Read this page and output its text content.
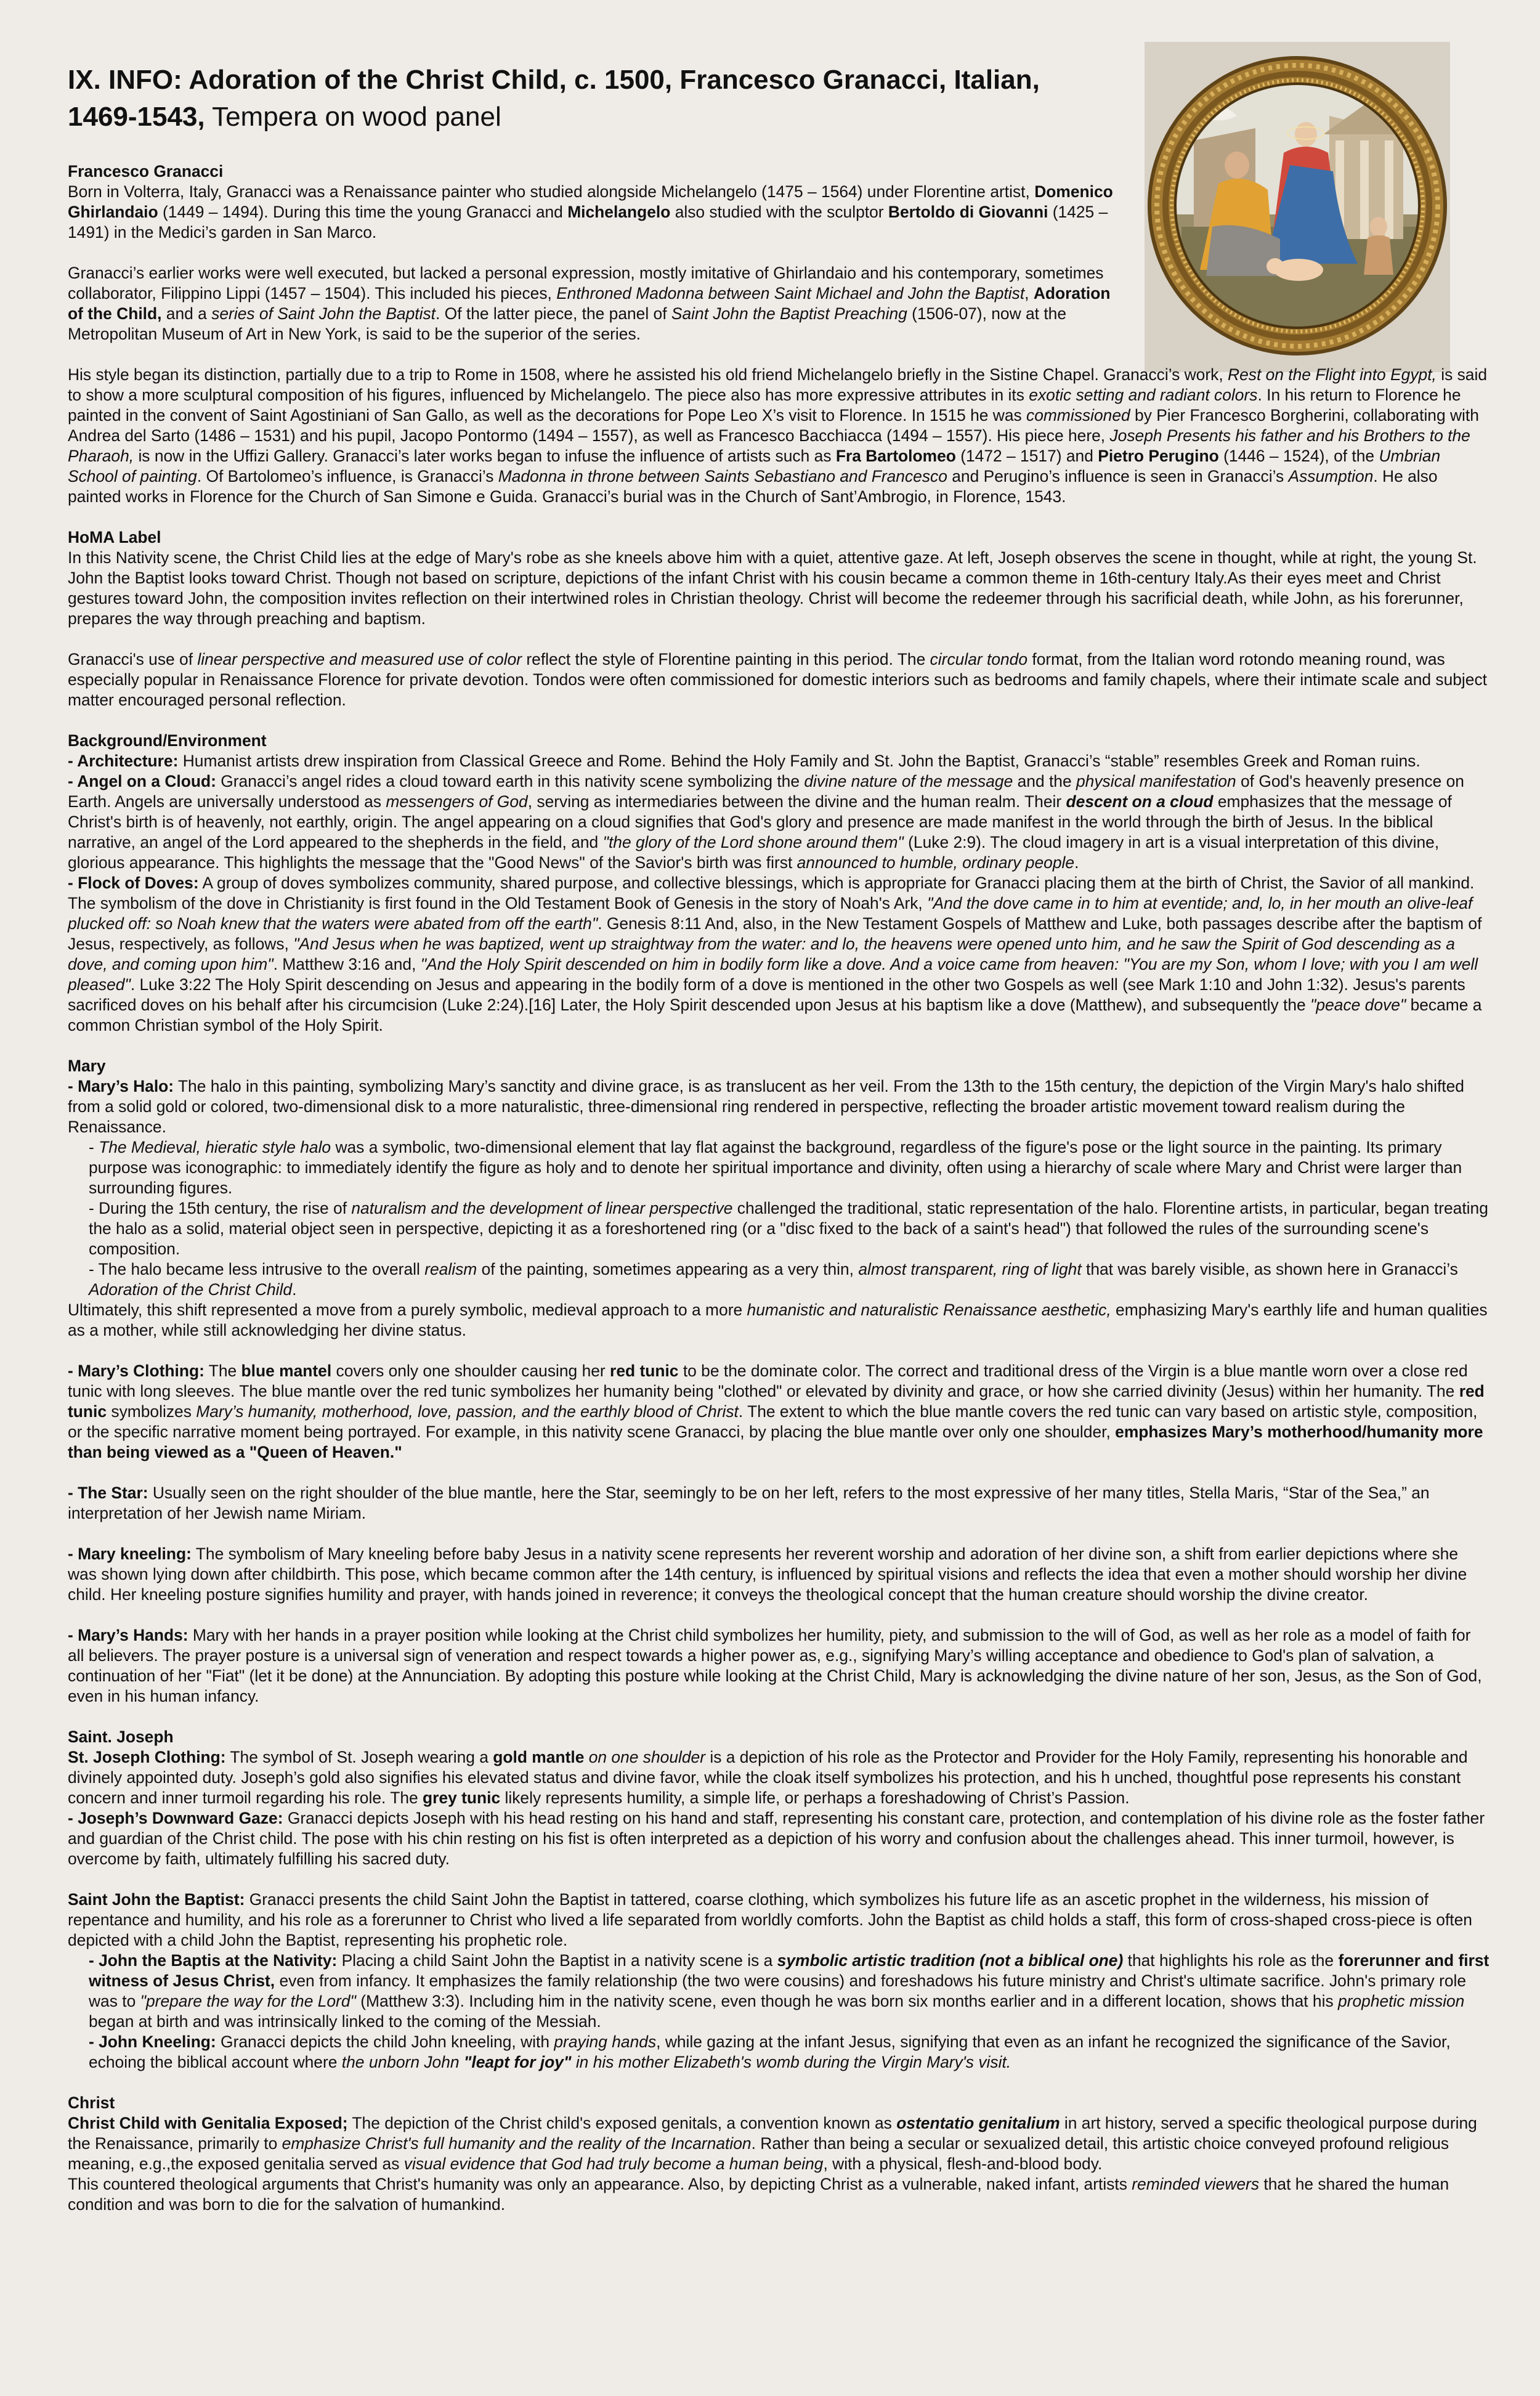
IX. INFO: Adoration of the Christ Child, c. 1500, Francesco Granacci, Italian, 1469-1543, Tempera on wood panel

Francesco Granacci
Born in Volterra, Italy, Granacci was a Renaissance painter who studied alongside Michelangelo (1475 – 1564) under Florentine artist, Domenico Ghirlandaio (1449 – 1494). During this time the young Granacci and Michelangelo also studied with the sculptor Bertoldo di Giovanni (1425 – 1491) in the Medici’s garden in San Marco.

Granacci’s earlier works were well executed, but lacked a personal expression, mostly imitative of Ghirlandaio and his contemporary, sometimes collaborator, Filippino Lippi (1457 – 1504). This included his pieces, Enthroned Madonna between Saint Michael and John the Baptist, Adoration of the Child, and a series of Saint John the Baptist. Of the latter piece, the panel of Saint John the Baptist Preaching (1506-07), now at the Metropolitan Museum of Art in New York, is said to be the superior of the series.

His style began its distinction, partially due to a trip to Rome in 1508, where he assisted his old friend Michelangelo briefly in the Sistine Chapel. Granacci’s work, Rest on the Flight into Egypt, is said to show a more sculptural composition of his figures, influenced by Michelangelo. The piece also has more expressive attributes in its exotic setting and radiant colors. In his return to Florence he painted in the convent of Saint Agostiniani of San Gallo, as well as the decorations for Pope Leo X’s visit to Florence. In 1515 he was commissioned by Pier Francesco Borgherini, collaborating with Andrea del Sarto (1486 – 1531) and his pupil, Jacopo Pontormo (1494 – 1557), as well as Francesco Bacchiacca (1494 – 1557). His piece here, Joseph Presents his father and his Brothers to the Pharaoh, is now in the Uffizi Gallery. Granacci’s later works began to infuse the influence of artists such as Fra Bartolomeo (1472 – 1517) and Pietro Perugino (1446 – 1524), of the Umbrian School of painting. Of Bartolomeo’s influence, is Granacci’s Madonna in throne between Saints Sebastiano and Francesco and Perugino’s influence is seen in Granacci’s Assumption. He also painted works in Florence for the Church of San Simone e Guida. Granacci’s burial was in the Church of Sant’Ambrogio, in Florence, 1543.

HoMA Label
In this Nativity scene, the Christ Child lies at the edge of Mary's robe as she kneels above him with a quiet, attentive gaze. At left, Joseph observes the scene in thought, while at right, the young St. John the Baptist looks toward Christ. Though not based on scripture, depictions of the infant Christ with his cousin became a common theme in 16th-century Italy.As their eyes meet and Christ gestures toward John, the composition invites reflection on their intertwined roles in Christian theology. Christ will become the redeemer through his sacrificial death, while John, as his forerunner, prepares the way through preaching and baptism.

Granacci's use of linear perspective and measured use of color reflect the style of Florentine painting in this period. The circular tondo format, from the Italian word rotondo meaning round, was especially popular in Renaissance Florence for private devotion. Tondos were often commissioned for domestic interiors such as bedrooms and family chapels, where their intimate scale and subject matter encouraged personal reflection.

Background/Environment
- Architecture: Humanist artists drew inspiration from Classical Greece and Rome. Behind the Holy Family and St. John the Baptist, Granacci’s “stable” resembles Greek and Roman ruins.

- Angel on a Cloud: Granacci’s angel rides a cloud toward earth in this nativity scene symbolizing the divine nature of the message and the physical manifestation of God's heavenly presence on Earth. Angels are universally understood as messengers of God, serving as intermediaries between the divine and the human realm. Their descent on a cloud emphasizes that the message of Christ's birth is of heavenly, not earthly, origin. The angel appearing on a cloud signifies that God's glory and presence are made manifest in the world through the birth of Jesus. In the biblical narrative, an angel of the Lord appeared to the shepherds in the field, and "the glory of the Lord shone around them" (Luke 2:9). The cloud imagery in art is a visual interpretation of this divine, glorious appearance. This highlights the message that the "Good News" of the Savior's birth was first announced to humble, ordinary people.

- Flock of Doves: A group of doves symbolizes community, shared purpose, and collective blessings, which is appropriate for Granacci placing them at the birth of Christ, the Savior of all mankind. The symbolism of the dove in Christianity is first found in the Old Testament Book of Genesis in the story of Noah's Ark, "And the dove came in to him at eventide; and, lo, in her mouth an olive-leaf plucked off: so Noah knew that the waters were abated from off the earth". Genesis 8:11 And, also, in the New Testament Gospels of Matthew and Luke, both passages describe after the baptism of Jesus, respectively, as follows, "And Jesus when he was baptized, went up straightway from the water: and lo, the heavens were opened unto him, and he saw the Spirit of God descending as a dove, and coming upon him". Matthew 3:16 and, "And the Holy Spirit descended on him in bodily form like a dove. And a voice came from heaven: "You are my Son, whom I love; with you I am well pleased". Luke 3:22 The Holy Spirit descending on Jesus and appearing in the bodily form of a dove is mentioned in the other two Gospels as well (see Mark 1:10 and John 1:32). Jesus's parents sacrificed doves on his behalf after his circumcision (Luke 2:24).[16] Later, the Holy Spirit descended upon Jesus at his baptism like a dove (Matthew), and subsequently the "peace dove" became a common Christian symbol of the Holy Spirit.

Mary
- Mary’s Halo: The halo in this painting, symbolizing Mary’s sanctity and divine grace, is as translucent as her veil. From the 13th to the 15th century, the depiction of the Virgin Mary's halo shifted from a solid gold or colored, two-dimensional disk to a more naturalistic, three-dimensional ring rendered in perspective, reflecting the broader artistic movement toward realism during the Renaissance.

- The Medieval, hieratic style halo was a symbolic, two-dimensional element that lay flat against the background, regardless of the figure's pose or the light source in the painting. Its primary purpose was iconographic: to immediately identify the figure as holy and to denote her spiritual importance and divinity, often using a hierarchy of scale where Mary and Christ were larger than surrounding figures.

- During the 15th century, the rise of naturalism and the development of linear perspective challenged the traditional, static representation of the halo. Florentine artists, in particular, began treating the halo as a solid, material object seen in perspective, depicting it as a foreshortened ring (or a "disc fixed to the back of a saint's head") that followed the rules of the surrounding scene's composition.

- The halo became less intrusive to the overall realism of the painting, sometimes appearing as a very thin, almost transparent, ring of light that was barely visible, as shown here in Granacci’s Adoration of the Christ Child.

Ultimately, this shift represented a move from a purely symbolic, medieval approach to a more humanistic and naturalistic Renaissance aesthetic, emphasizing Mary's earthly life and human qualities as a mother, while still acknowledging her divine status.

- Mary’s Clothing: The blue mantel covers only one shoulder causing her red tunic to be the dominate color. The correct and traditional dress of the Virgin is a blue mantle worn over a close red tunic with long sleeves. The blue mantle over the red tunic symbolizes her humanity being "clothed" or elevated by divinity and grace, or how she carried divinity (Jesus) within her humanity. The red tunic symbolizes Mary’s humanity, motherhood, love, passion, and the earthly blood of Christ. The extent to which the blue mantle covers the red tunic can vary based on artistic style, composition, or the specific narrative moment being portrayed. For example, in this nativity scene Granacci, by placing the blue mantle over only one shoulder, emphasizes Mary’s motherhood/humanity more than being viewed as a "Queen of Heaven."

- The Star: Usually seen on the right shoulder of the blue mantle, here the Star, seemingly to be on her left, refers to the most expressive of her many titles, Stella Maris, “Star of the Sea,” an interpretation of her Jewish name Miriam.

- Mary kneeling: The symbolism of Mary kneeling before baby Jesus in a nativity scene represents her reverent worship and adoration of her divine son, a shift from earlier depictions where she was shown lying down after childbirth. This pose, which became common after the 14th century, is influenced by spiritual visions and reflects the idea that even a mother should worship her divine child. Her kneeling posture signifies humility and prayer, with hands joined in reverence; it conveys the theological concept that the human creature should worship the divine creator.

- Mary’s Hands: Mary with her hands in a prayer position while looking at the Christ child symbolizes her humility, piety, and submission to the will of God, as well as her role as a model of faith for all believers. The prayer posture is a universal sign of veneration and respect towards a higher power as, e.g., signifying Mary’s willing acceptance and obedience to God's plan of salvation, a continuation of her "Fiat" (let it be done) at the Annunciation. By adopting this posture while looking at the Christ Child, Mary is acknowledging the divine nature of her son, Jesus, as the Son of God, even in his human infancy.

Saint. Joseph
St. Joseph Clothing: The symbol of St. Joseph wearing a gold mantle on one shoulder is a depiction of his role as the Protector and Provider for the Holy Family, representing his honorable and divinely appointed duty. Joseph’s gold also signifies his elevated status and divine favor, while the cloak itself symbolizes his protection, and his h unched, thoughtful pose represents his constant concern and inner turmoil regarding his role. The grey tunic likely represents humility, a simple life, or perhaps a foreshadowing of Christ’s Passion.

- Joseph’s Downward Gaze: Granacci depicts Joseph with his head resting on his hand and staff, representing his constant care, protection, and contemplation of his divine role as the foster father and guardian of the Christ child. The pose with his chin resting on his fist is often interpreted as a depiction of his worry and confusion about the challenges ahead. This inner turmoil, however, is overcome by faith, ultimately fulfilling his sacred duty.

Saint John the Baptist: Granacci presents the child Saint John the Baptist in tattered, coarse clothing, which symbolizes his future life as an ascetic prophet in the wilderness, his mission of repentance and humility, and his role as a forerunner to Christ who lived a life separated from worldly comforts. John the Baptist as child holds a staff, this form of cross-shaped cross-piece is often depicted with a child John the Baptist, representing his prophetic role.

- John the Baptis at the Nativity: Placing a child Saint John the Baptist in a nativity scene is a symbolic artistic tradition (not a biblical one) that highlights his role as the forerunner and first witness of Jesus Christ, even from infancy. It emphasizes the family relationship (the two were cousins) and foreshadows his future ministry and Christ's ultimate sacrifice. John's primary role was to "prepare the way for the Lord" (Matthew 3:3). Including him in the nativity scene, even though he was born six months earlier and in a different location, shows that his prophetic mission began at birth and was intrinsically linked to the coming of the Messiah.

- John Kneeling: Granacci depicts the child John kneeling, with praying hands, while gazing at the infant Jesus, signifying that even as an infant he recognized the significance of the Savior, echoing the biblical account where the unborn John "leapt for joy" in his mother Elizabeth's womb during the Virgin Mary's visit.

Christ
Christ Child with Genitalia Exposed; The depiction of the Christ child's exposed genitals, a convention known as ostentatio genitalium in art history, served a specific theological purpose during the Renaissance, primarily to emphasize Christ's full humanity and the reality of the Incarnation. Rather than being a secular or sexualized detail, this artistic choice conveyed profound religious meaning, e.g.,the exposed genitalia served as visual evidence that God had truly become a human being, with a physical, flesh-and-blood body.

This countered theological arguments that Christ's humanity was only an appearance. Also, by depicting Christ as a vulnerable, naked infant, artists reminded viewers that he shared the human condition and was born to die for the salvation of humankind.
